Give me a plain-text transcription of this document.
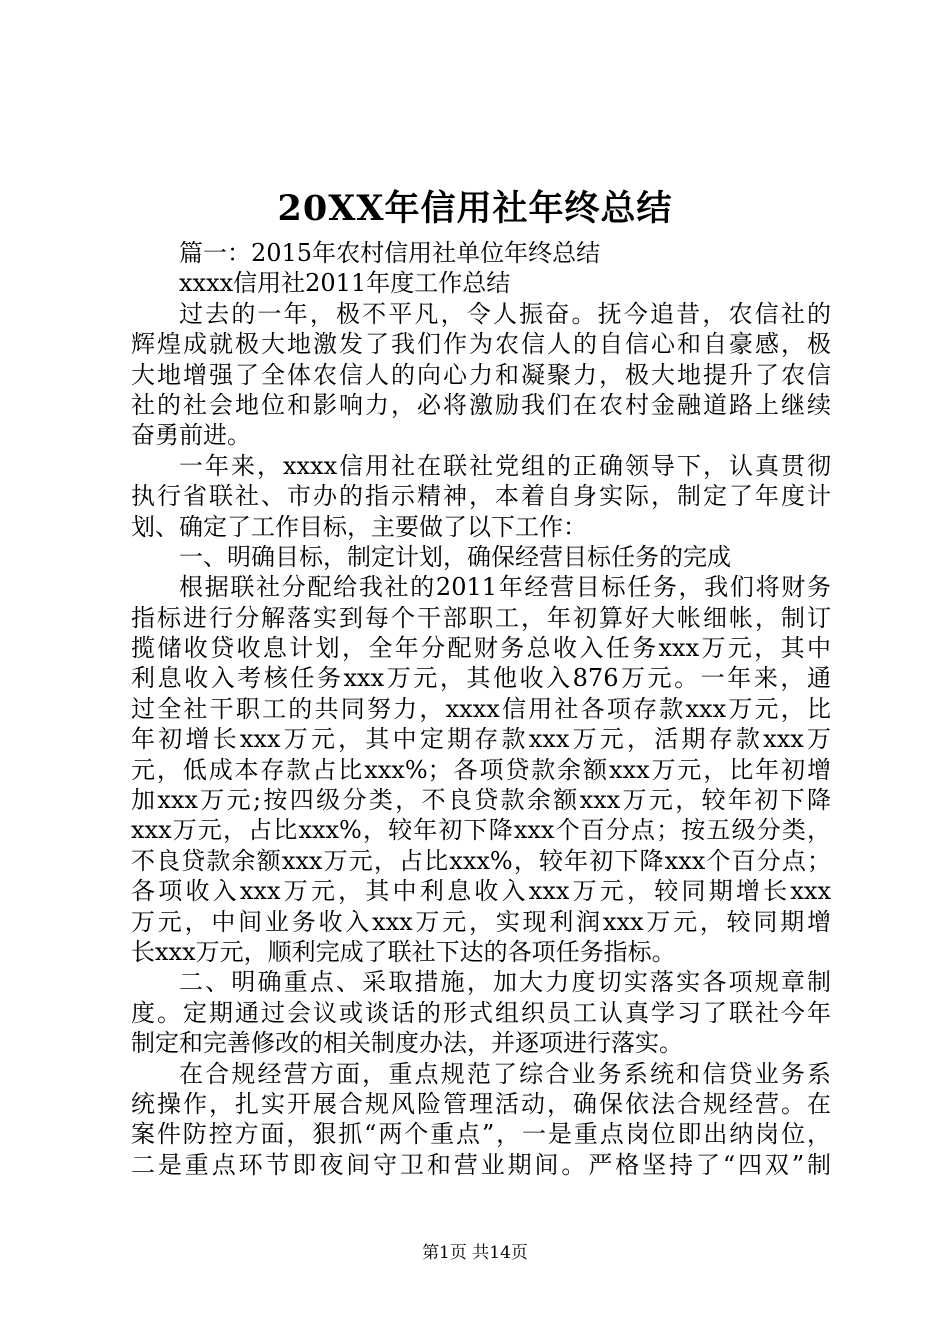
20XX年信用社年终总结
篇一：2015年农村信用社单位年终总结
xxxx信用社2011年度工作总结
过去的一年，极不平凡，令人振奋。抚今追昔，农信社的
辉煌成就极大地激发了我们作为农信人的自信心和自豪感，极
大地增强了全体农信人的向心力和凝聚力，极大地提升了农信
社的社会地位和影响力，必将激励我们在农村金融道路上继续
奋勇前进。
一年来，xxxx信用社在联社党组的正确领导下，认真贯彻
执行省联社、市办的指示精神，本着自身实际，制定了年度计
划、确定了工作目标，主要做了以下工作：
一、明确目标，制定计划，确保经营目标任务的完成
根据联社分配给我社的2011年经营目标任务，我们将财务
指标进行分解落实到每个干部职工，年初算好大帐细帐，制订
揽储收贷收息计划，全年分配财务总收入任务xxx万元，其中
利息收入考核任务xxx万元，其他收入876万元。一年来，通
过全社干职工的共同努力，xxxx信用社各项存款xxx万元，比
年初增长xxx万元，其中定期存款xxx万元，活期存款xxx万
元，低成本存款占比xxx%；各项贷款余额xxx万元，比年初增
加xxx万元;按四级分类，不良贷款余额xxx万元，较年初下降
xxx万元，占比xxx%，较年初下降xxx个百分点；按五级分类，
不良贷款余额xxx万元，占比xxx%，较年初下降xxx个百分点；
各项收入xxx万元，其中利息收入xxx万元，较同期增长xxx
万元，中间业务收入xxx万元，实现利润xxx万元，较同期增
长xxx万元，顺利完成了联社下达的各项任务指标。
二、明确重点、采取措施，加大力度切实落实各项规章制
度。定期通过会议或谈话的形式组织员工认真学习了联社今年
制定和完善修改的相关制度办法，并逐项进行落实。
在合规经营方面，重点规范了综合业务系统和信贷业务系
统操作，扎实开展合规风险管理活动，确保依法合规经营。在
案件防控方面，狠抓“两个重点”，一是重点岗位即出纳岗位，
二是重点环节即夜间守卫和营业期间。严格坚持了“四双”制
第1页 共14页
